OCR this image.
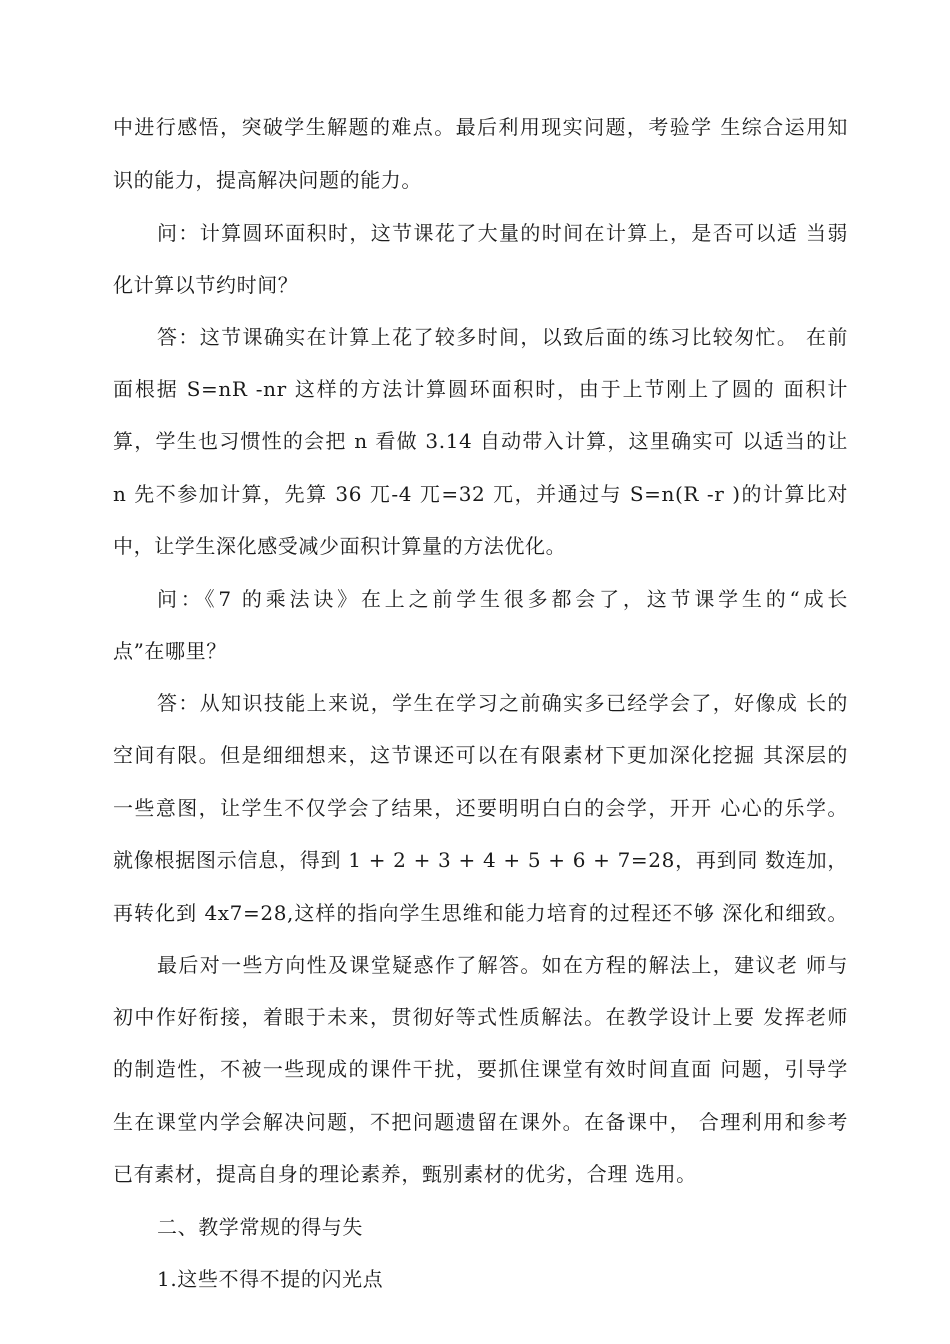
中进行感悟，突破学生解题的难点。最后利用现实问题，考验学 生综合运用知
识的能力，提高解决问题的能力。
问：计算圆环面积时，这节课花了大量的时间在计算上，是否可以适 当弱
化计算以节约时间？
答：这节课确实在计算上花了较多时间，以致后面的练习比较匆忙。 在前
面根据 S=nR -nr 这样的方法计算圆环面积时，由于上节刚上了圆的 面积计
算，学生也习惯性的会把 n 看做 3.14 自动带入计算，这里确实可 以适当的让
n 先不参加计算，先算 36 兀-4 兀=32 兀，并通过与 S=n(R -r )的计算比对
中，让学生深化感受减少面积计算量的方法优化。
问：《7 的乘法诀》在上之前学生很多都会了，这节课学生的“成长
点”在哪里？
答：从知识技能上来说，学生在学习之前确实多已经学会了，好像成 长的
空间有限。但是细细想来，这节课还可以在有限素材下更加深化挖掘 其深层的
一些意图，让学生不仅学会了结果，还要明明白白的会学，开开 心心的乐学。
就像根据图示信息，得到 1 + 2 + 3 + 4 + 5 + 6 + 7=28，再到同 数连加，
再转化到 4x7=28,这样的指向学生思维和能力培育的过程还不够 深化和细致。
最后对一些方向性及课堂疑惑作了解答。如在方程的解法上，建议老 师与
初中作好衔接，着眼于未来，贯彻好等式性质解法。在教学设计上要 发挥老师
的制造性，不被一些现成的课件干扰，要抓住课堂有效时间直面 问题，引导学
生在课堂内学会解决问题，不把问题遗留在课外。在备课中， 合理利用和参考
已有素材，提高自身的理论素养，甄别素材的优劣，合理 选用。
二、教学常规的得与失
1.这些不得不提的闪光点
